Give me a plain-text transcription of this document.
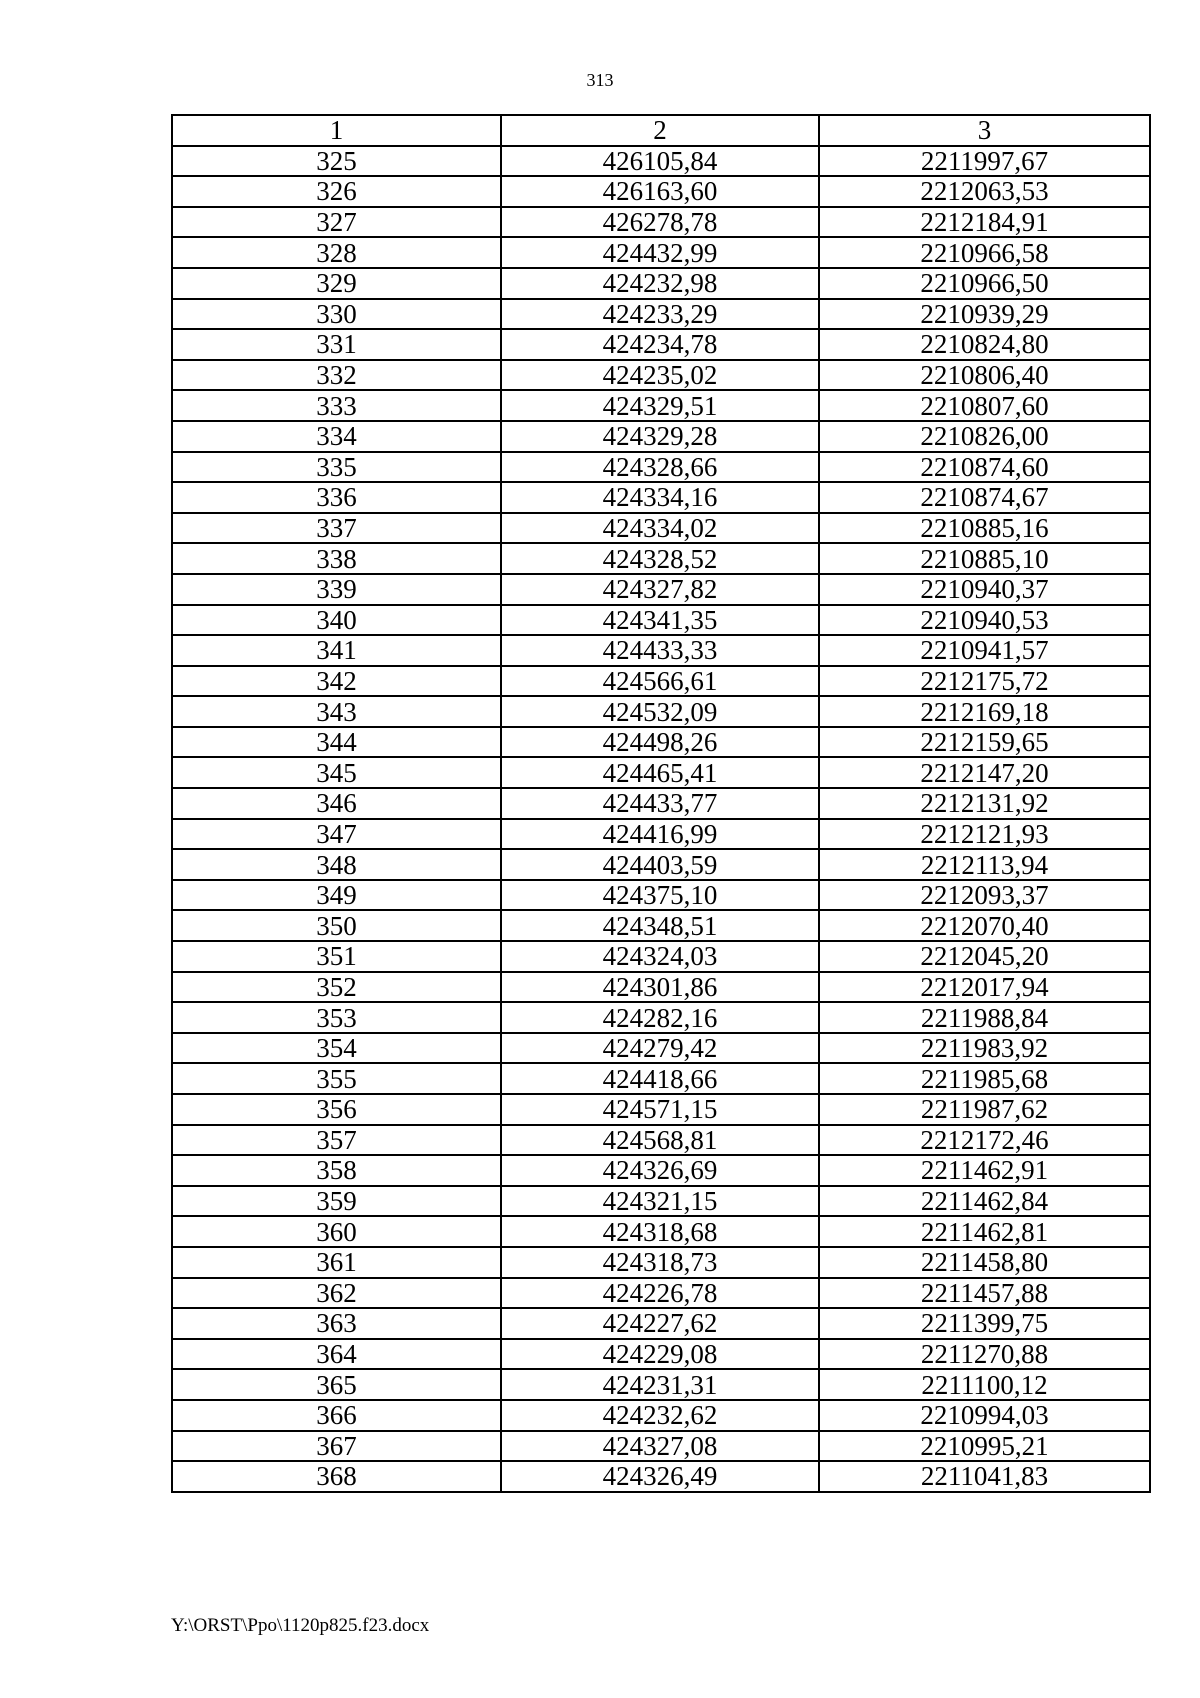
313
1	2	3
325	426105,84	2211997,67
326	426163,60	2212063,53
327	426278,78	2212184,91
328	424432,99	2210966,58
329	424232,98	2210966,50
330	424233,29	2210939,29
331	424234,78	2210824,80
332	424235,02	2210806,40
333	424329,51	2210807,60
334	424329,28	2210826,00
335	424328,66	2210874,60
336	424334,16	2210874,67
337	424334,02	2210885,16
338	424328,52	2210885,10
339	424327,82	2210940,37
340	424341,35	2210940,53
341	424433,33	2210941,57
342	424566,61	2212175,72
343	424532,09	2212169,18
344	424498,26	2212159,65
345	424465,41	2212147,20
346	424433,77	2212131,92
347	424416,99	2212121,93
348	424403,59	2212113,94
349	424375,10	2212093,37
350	424348,51	2212070,40
351	424324,03	2212045,20
352	424301,86	2212017,94
353	424282,16	2211988,84
354	424279,42	2211983,92
355	424418,66	2211985,68
356	424571,15	2211987,62
357	424568,81	2212172,46
358	424326,69	2211462,91
359	424321,15	2211462,84
360	424318,68	2211462,81
361	424318,73	2211458,80
362	424226,78	2211457,88
363	424227,62	2211399,75
364	424229,08	2211270,88
365	424231,31	2211100,12
366	424232,62	2210994,03
367	424327,08	2210995,21
368	424326,49	2211041,83
Y:\ORST\Ppo\1120p825.f23.docx
